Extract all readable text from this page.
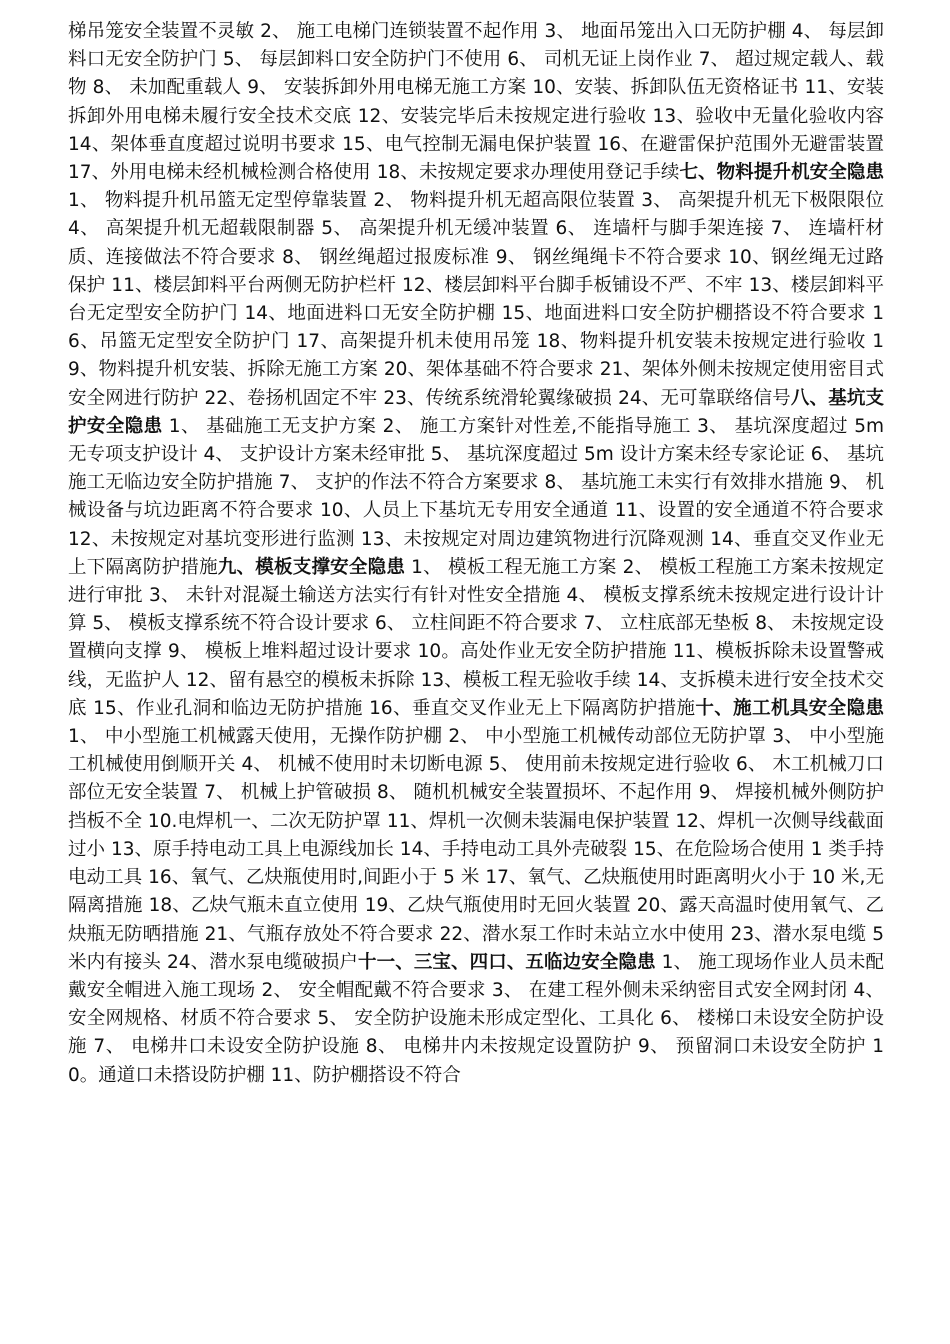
梯吊笼安全装置不灵敏 2、 施工电梯门连锁装置不起作用 3、 地面吊笼出入口无防护棚 4、 每层卸料口无安全防护门 5、 每层卸料口安全防护门不使用 6、 司机无证上岗作业 7、 超过规定载人、载物 8、 未加配重载人 9、 安装拆卸外用电梯无施工方案 10、安装、拆卸队伍无资格证书 11、安装拆卸外用电梯未履行安全技术交底 12、安装完毕后未按规定进行验收 13、验收中无量化验收内容 14、架体垂直度超过说明书要求 15、电气控制无漏电保护装置 16、在避雷保护范围外无避雷装置 17、外用电梯未经机械检测合格使用 18、未按规定要求办理使用登记手续七、物料提升机安全隐患 1、 物料提升机吊篮无定型停靠装置 2、 物料提升机无超高限位装置 3、 高架提升机无下极限限位 4、 高架提升机无超载限制器 5、 高架提升机无缓冲装置 6、 连墙杆与脚手架连接 7、 连墙杆材质、连接做法不符合要求 8、 钢丝绳超过报废标准 9、 钢丝绳绳卡不符合要求 10、钢丝绳无过路保护 11、楼层卸料平台两侧无防护栏杆 12、楼层卸料平台脚手板铺设不严、不牢 13、楼层卸料平台无定型安全防护门 14、地面进料口无安全防护棚 15、地面进料口安全防护棚搭设不符合要求 16、吊篮无定型安全防护门 17、高架提升机未使用吊笼 18、物料提升机安装未按规定进行验收 19、物料提升机安装、拆除无施工方案 20、架体基础不符合要求 21、架体外侧未按规定使用密目式安全网进行防护 22、卷扬机固定不牢 23、传统系统滑轮翼缘破损 24、无可靠联络信号八、基坑支护安全隐患 1、 基础施工无支护方案 2、 施工方案针对性差,不能指导施工 3、 基坑深度超过 5m 无专项支护设计 4、 支护设计方案未经审批 5、 基坑深度超过 5m 设计方案未经专家论证 6、 基坑施工无临边安全防护措施 7、 支护的作法不符合方案要求 8、 基坑施工未实行有效排水措施 9、 机械设备与坑边距离不符合要求 10、人员上下基坑无专用安全通道 11、设置的安全通道不符合要求 12、未按规定对基坑变形进行监测 13、未按规定对周边建筑物进行沉降观测 14、垂直交叉作业无上下隔离防护措施九、模板支撑安全隐患 1、 模板工程无施工方案 2、 模板工程施工方案未按规定进行审批 3、 未针对混凝土输送方法实行有针对性安全措施 4、 模板支撑系统未按规定进行设计计算 5、 模板支撑系统不符合设计要求 6、 立柱间距不符合要求 7、 立柱底部无垫板 8、 未按规定设置横向支撑 9、 模板上堆料超过设计要求 10。高处作业无安全防护措施 11、模板拆除未设置警戒线，无监护人 12、留有悬空的模板未拆除 13、模板工程无验收手续 14、支拆模未进行安全技术交底 15、作业孔洞和临边无防护措施 16、垂直交叉作业无上下隔离防护措施十、施工机具安全隐患 1、 中小型施工机械露天使用，无操作防护棚 2、 中小型施工机械传动部位无防护罩 3、 中小型施工机械使用倒顺开关 4、 机械不使用时未切断电源 5、 使用前未按规定进行验收 6、 木工机械刀口部位无安全装置 7、 机械上护管破损 8、 随机机械安全装置损坏、不起作用 9、 焊接机械外侧防护挡板不全 10.电焊机一、二次无防护罩 11、焊机一次侧未装漏电保护装置 12、焊机一次侧导线截面过小 13、原手持电动工具上电源线加长 14、手持电动工具外壳破裂 15、在危险场合使用 1 类手持电动工具 16、氧气、乙炔瓶使用时,间距小于 5 米 17、氧气、乙炔瓶使用时距离明火小于 10 米,无隔离措施 18、乙炔气瓶未直立使用 19、乙炔气瓶使用时无回火装置 20、露天高温时使用氧气、乙炔瓶无防晒措施 21、气瓶存放处不符合要求 22、潜水泵工作时未站立水中使用 23、潜水泵电缆 5 米内有接头 24、潜水泵电缆破损户十一、三宝、四口、五临边安全隐患 1、 施工现场作业人员未配戴安全帽进入施工现场 2、 安全帽配戴不符合要求 3、 在建工程外侧未采纳密目式安全网封闭 4、 安全网规格、材质不符合要求 5、 安全防护设施未形成定型化、工具化 6、 楼梯口未设安全防护设施 7、 电梯井口未设安全防护设施 8、 电梯井内未按规定设置防护 9、 预留洞口未设安全防护 10。通道口未搭设防护棚 11、防护棚搭设不符合
